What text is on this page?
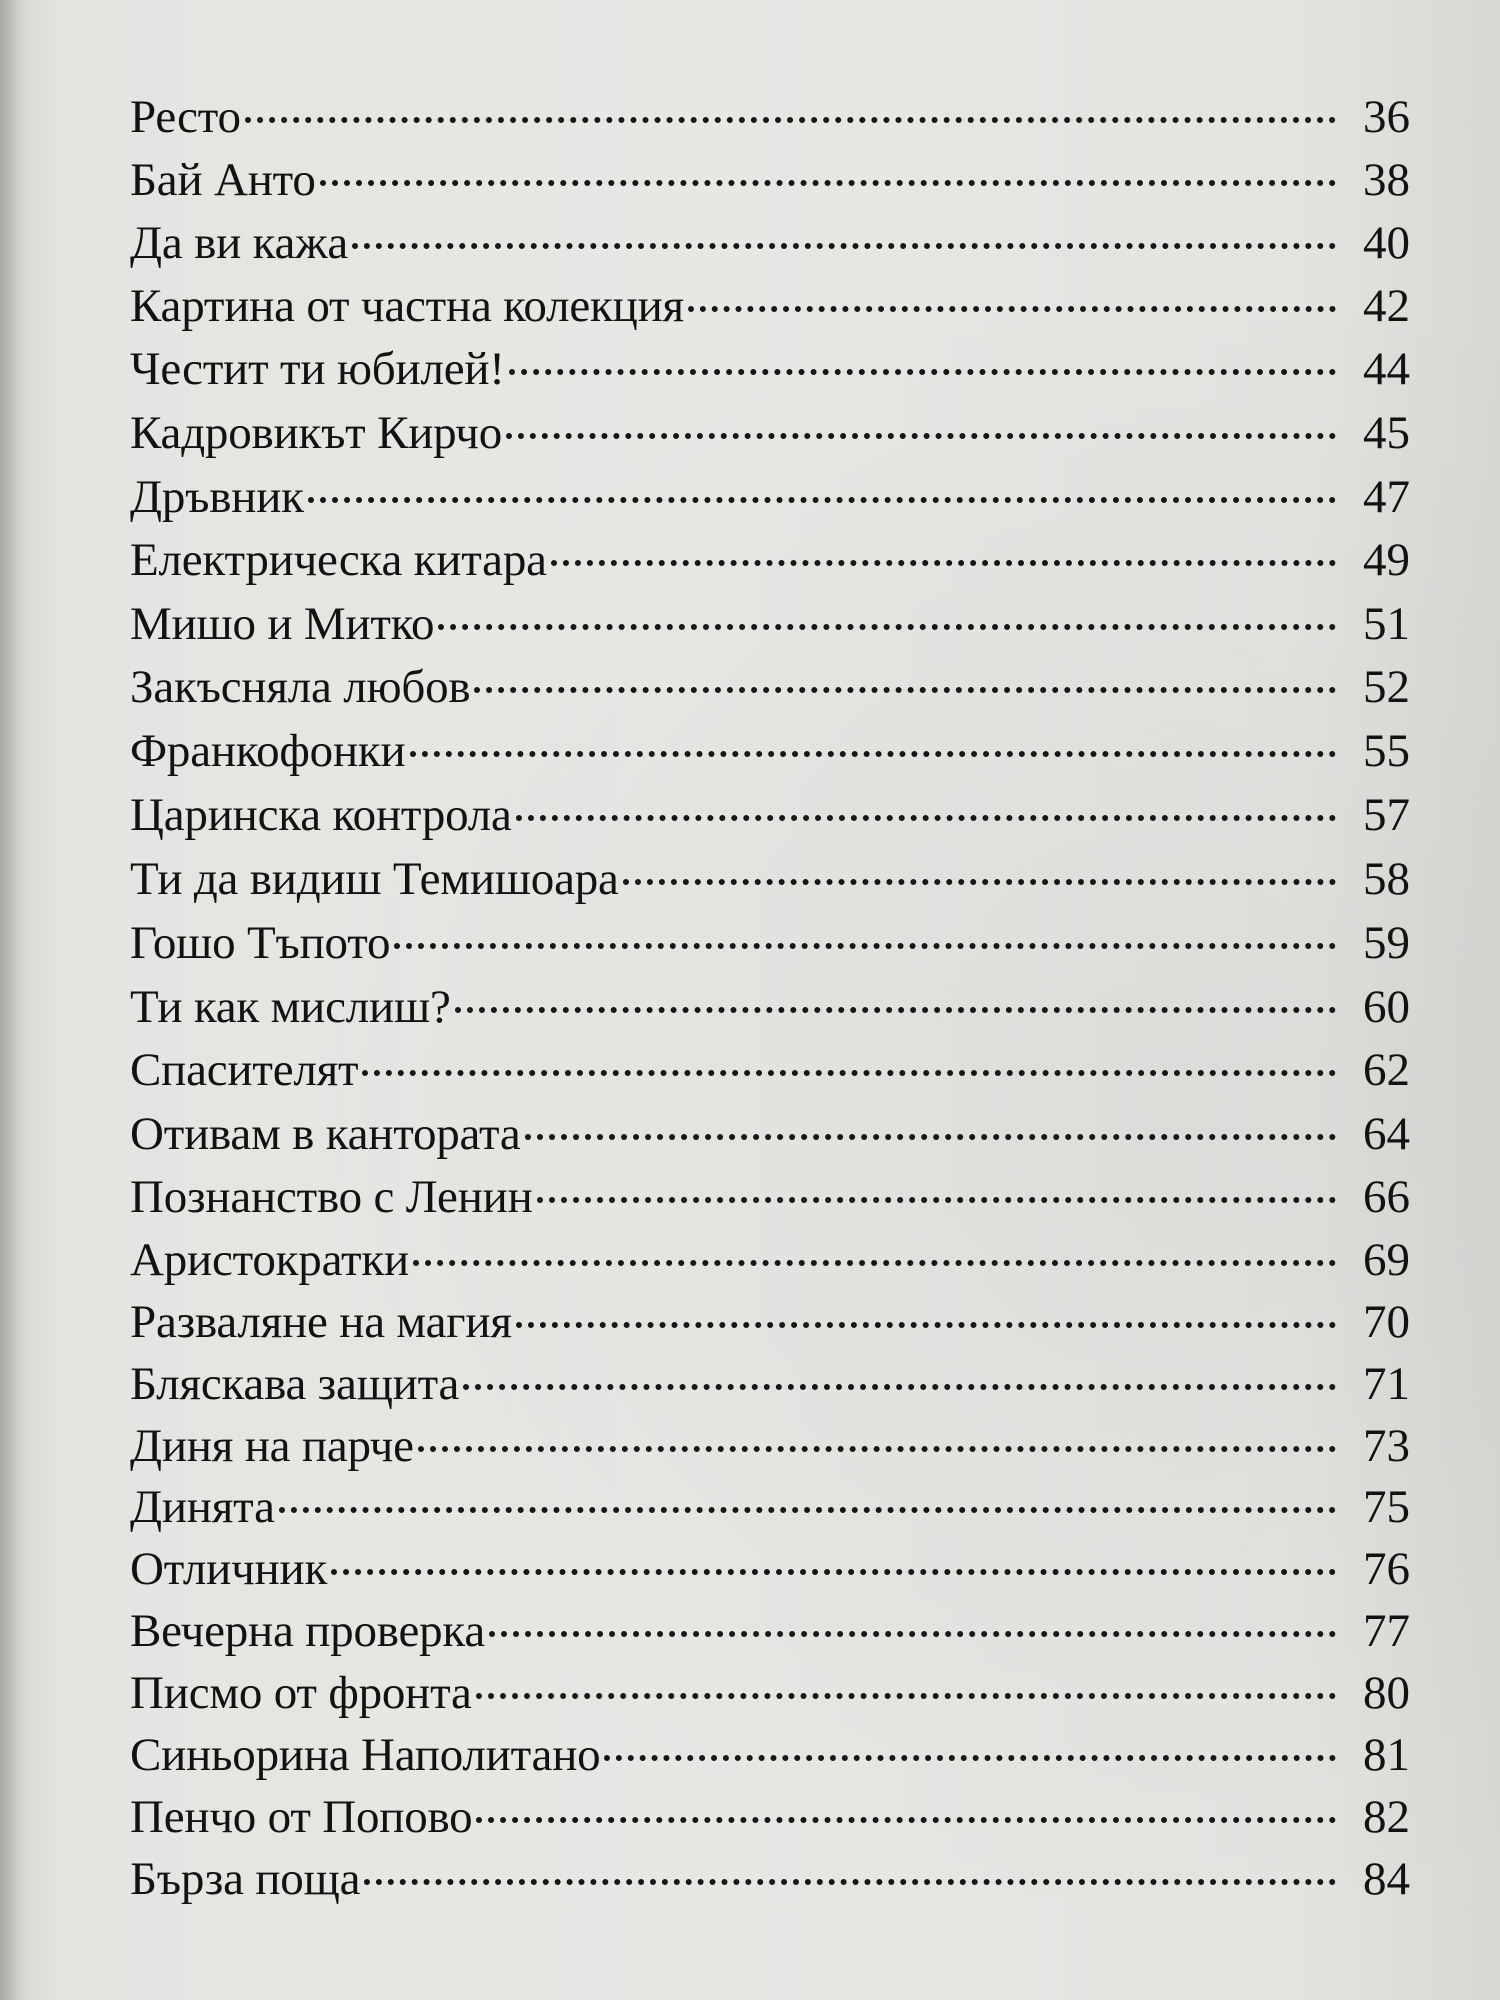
Ресто	36
Бай Анто	38
Да ви кажа	40
Картина от частна колекция	42
Честит ти юбилей!	44
Кадровикът Кирчо	45
Дръвник	47
Електрическа китара	49
Мишо и Митко	51
Закъсняла любов	52
Франкофонки	55
Царинска контрола	57
Ти да видиш Темишоара	58
Гошо Тъпото	59
Ти как мислиш?	60
Спасителят	62
Отивам в кантората	64
Познанство с Ленин	66
Аристократки	69
Разваляне на магия	70
Бляскава защита	71
Диня на парче	73
Динята	75
Отличник	76
Вечерна проверка	77
Писмо от фронта	80
Синьорина Наполитано	81
Пенчо от Попово	82
Бърза поща	84
